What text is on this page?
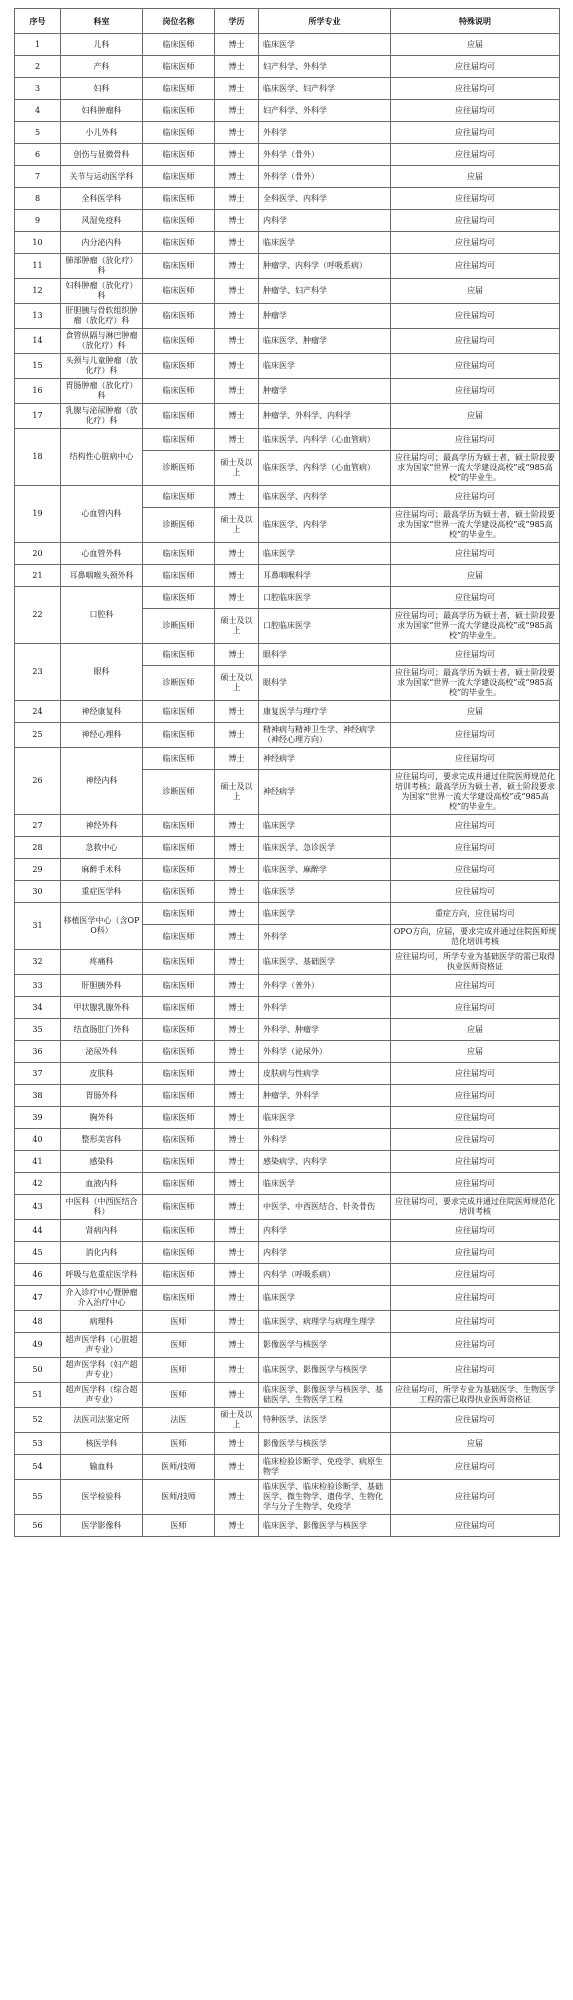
序号	科室	岗位名称	学历	所学专业	特殊说明
1	儿科	临床医师	博士	临床医学	应届
2	产科	临床医师	博士	妇产科学、外科学	应往届均可
3	妇科	临床医师	博士	临床医学、妇产科学	应往届均可
4	妇科肿瘤科	临床医师	博士	妇产科学、外科学	应往届均可
5	小儿外科	临床医师	博士	外科学	应往届均可
6	创伤与显微骨科	临床医师	博士	外科学（骨外）	应往届均可
7	关节与运动医学科	临床医师	博士	外科学（骨外）	应届
8	全科医学科	临床医师	博士	全科医学、内科学	应往届均可
9	风湿免疫科	临床医师	博士	内科学	应往届均可
10	内分泌内科	临床医师	博士	临床医学	应往届均可
11	肺部肿瘤（放化疗）科	临床医师	博士	肿瘤学、内科学（呼吸系病）	应往届均可
12	妇科肿瘤（放化疗）科	临床医师	博士	肿瘤学、妇产科学	应届
13	肝胆胰与骨软组织肿瘤（放化疗）科	临床医师	博士	肿瘤学	应往届均可
14	食管纵隔与淋巴肿瘤（放化疗）科	临床医师	博士	临床医学、肿瘤学	应往届均可
15	头颈与儿童肿瘤（放化疗）科	临床医师	博士	临床医学	应往届均可
16	胃肠肿瘤（放化疗）科	临床医师	博士	肿瘤学	应往届均可
17	乳腺与泌尿肿瘤（放化疗）科	临床医师	博士	肿瘤学、外科学、内科学	应届
18	结构性心脏病中心	临床医师	博士	临床医学、内科学（心血管病）	应往届均可
		诊断医师	硕士及以上	临床医学、内科学（心血管病）	应往届均可；最高学历为硕士者，硕士阶段要求为国家“世界一流大学建设高校”或“985高校”的毕业生。
19	心血管内科	临床医师	博士	临床医学、内科学	应往届均可
		诊断医师	硕士及以上	临床医学、内科学	应往届均可；最高学历为硕士者，硕士阶段要求为国家“世界一流大学建设高校”或“985高校”的毕业生。
20	心血管外科	临床医师	博士	临床医学	应往届均可
21	耳鼻咽喉头颈外科	临床医师	博士	耳鼻咽喉科学	应届
22	口腔科	临床医师	博士	口腔临床医学	应往届均可
		诊断医师	硕士及以上	口腔临床医学	应往届均可；最高学历为硕士者，硕士阶段要求为国家“世界一流大学建设高校”或“985高校”的毕业生。
23	眼科	临床医师	博士	眼科学	应往届均可
		诊断医师	硕士及以上	眼科学	应往届均可；最高学历为硕士者，硕士阶段要求为国家“世界一流大学建设高校”或“985高校”的毕业生。
24	神经康复科	临床医师	博士	康复医学与理疗学	应届
25	神经心理科	临床医师	博士	精神病与精神卫生学、神经病学（神经心理方向）	应往届均可
26	神经内科	临床医师	博士	神经病学	应往届均可
		诊断医师	硕士及以上	神经病学	应往届均可，要求完成并通过住院医师规范化培训考核；最高学历为硕士者，硕士阶段要求为国家“世界一流大学建设高校”或“985高校”的毕业生。
27	神经外科	临床医师	博士	临床医学	应往届均可
28	急救中心	临床医师	博士	临床医学、急诊医学	应往届均可
29	麻醉手术科	临床医师	博士	临床医学、麻醉学	应往届均可
30	重症医学科	临床医师	博士	临床医学	应往届均可
31	移植医学中心（含OPO科）	临床医师	博士	临床医学	重症方向，应往届均可
		临床医师	博士	外科学	OPO方向，应届，要求完成并通过住院医师规范化培训考核
32	疼痛科	临床医师	博士	临床医学、基础医学	应往届均可，所学专业为基础医学的需已取得执业医师资格证
33	肝胆胰外科	临床医师	博士	外科学（普外）	应往届均可
34	甲状腺乳腺外科	临床医师	博士	外科学	应往届均可
35	结直肠肛门外科	临床医师	博士	外科学、肿瘤学	应届
36	泌尿外科	临床医师	博士	外科学（泌尿外）	应届
37	皮肤科	临床医师	博士	皮肤病与性病学	应往届均可
38	胃肠外科	临床医师	博士	肿瘤学、外科学	应往届均可
39	胸外科	临床医师	博士	临床医学	应往届均可
40	整形美容科	临床医师	博士	外科学	应往届均可
41	感染科	临床医师	博士	感染病学、内科学	应往届均可
42	血液内科	临床医师	博士	临床医学	应往届均可
43	中医科（中西医结合科）	临床医师	博士	中医学、中西医结合、针灸骨伤	应往届均可，要求完成并通过住院医师规范化培训考核
44	肾病内科	临床医师	博士	内科学	应往届均可
45	消化内科	临床医师	博士	内科学	应往届均可
46	呼吸与危重症医学科	临床医师	博士	内科学（呼吸系病）	应往届均可
47	介入诊疗中心暨肿瘤介入治疗中心	临床医师	博士	临床医学	应往届均可
48	病理科	医师	博士	临床医学、病理学与病理生理学	应往届均可
49	超声医学科（心脏超声专业）	医师	博士	影像医学与核医学	应往届均可
50	超声医学科（妇产超声专业）	医师	博士	临床医学、影像医学与核医学	应往届均可
51	超声医学科（综合超声专业）	医师	博士	临床医学、影像医学与核医学、基础医学、生物医学工程	应往届均可，所学专业为基础医学、生物医学工程的需已取得执业医师资格证
52	法医司法鉴定所	法医	硕士及以上	特种医学、法医学	应往届均可
53	核医学科	医师	博士	影像医学与核医学	应届
54	输血科	医师/技师	博士	临床检验诊断学、免疫学、病原生物学	应往届均可
55	医学检验科	医师/技师	博士	临床医学、临床检验诊断学、基础医学、微生物学、遗传学、生物化学与分子生物学、免疫学	应往届均可
56	医学影像科	医师	博士	临床医学、影像医学与核医学	应往届均可
